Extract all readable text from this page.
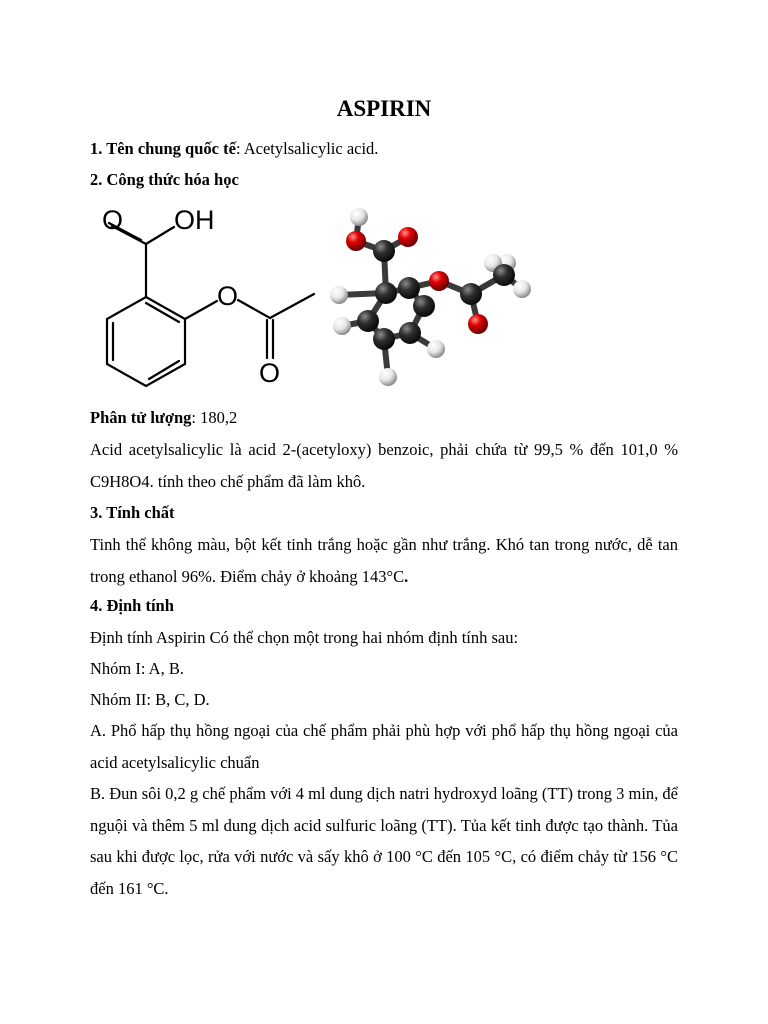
ASPIRIN
1. Tên chung quốc tế: Acetylsalicylic acid.
2. Công thức hóa học
Phân tử lượng: 180,2
Acid acetylsalicylic là acid 2-(acetyloxy) benzoic, phải chứa từ 99,5 % đến 101,0 % C9H8O4. tính theo chế phẩm đã làm khô.
3. Tính chất
Tinh thể không màu, bột kết tinh trắng hoặc gần như trắng. Khó tan trong nước, dễ tan trong ethanol 96%. Điểm chảy ở khoảng 143°C.
4. Định tính
Định tính Aspirin Có thể chọn một trong hai nhóm định tính sau:
Nhóm I: A, B.
Nhóm II: B, C, D.
A. Phổ hấp thụ hồng ngoại của chế phẩm phải phù hợp với phổ hấp thụ hồng ngoại của acid acetylsalicylic chuẩn
B. Đun sôi 0,2 g chế phẩm với 4 ml dung dịch natri hydroxyd loãng (TT) trong 3 min, để nguội và thêm 5 ml dung dịch acid sulfuric loãng (TT). Tủa kết tinh được tạo thành. Tủa sau khi được lọc, rửa với nước và sấy khô ở 100 °C đến 105 °C, có điểm chảy từ 156 °C đến 161 °C.
O OH
O
O
